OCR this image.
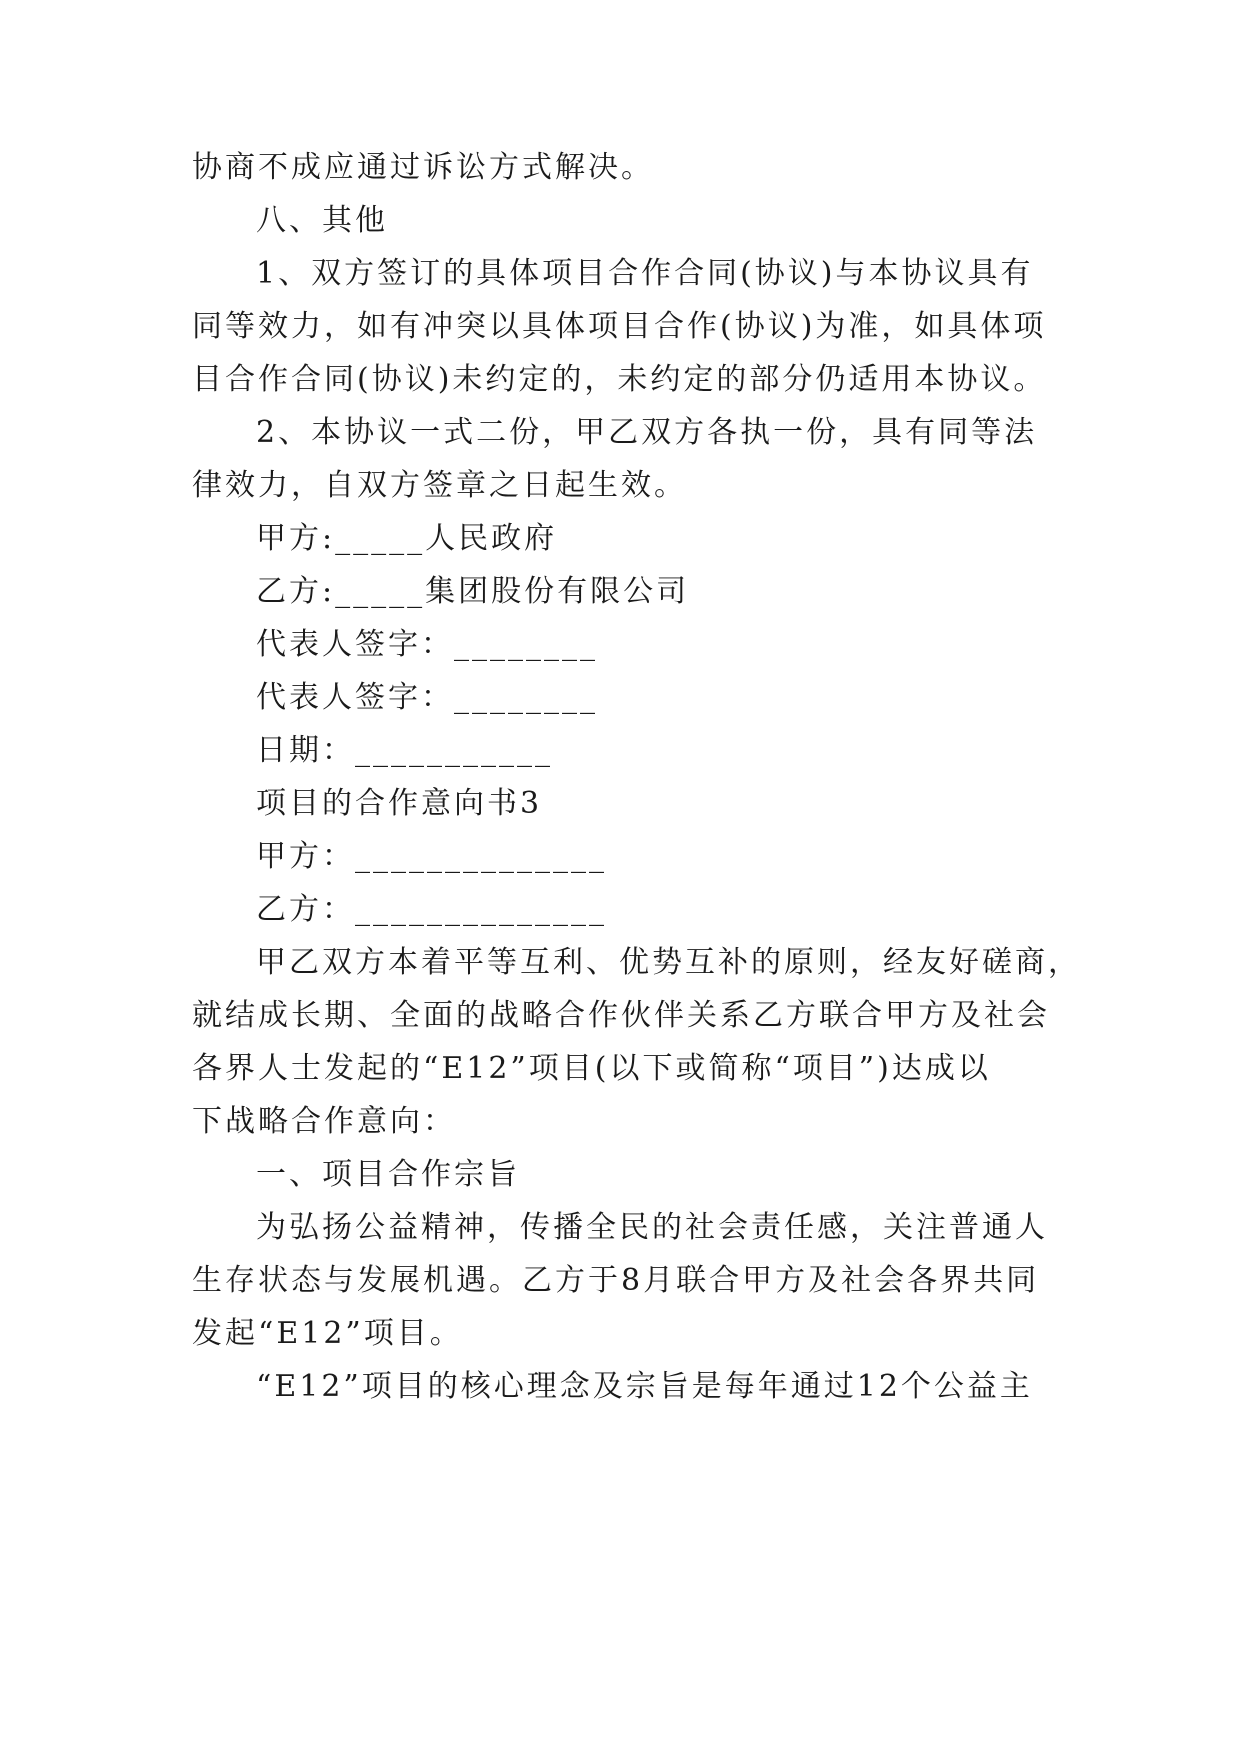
协商不成应通过诉讼方式解决。
八、其他
1、双方签订的具体项目合作合同(协议)与本协议具有
同等效力，如有冲突以具体项目合作(协议)为准，如具体项
目合作合同(协议)未约定的，未约定的部分仍适用本协议。
2、本协议一式二份，甲乙双方各执一份，具有同等法
律效力，自双方签章之日起生效。
甲方:_____人民政府
乙方:_____集团股份有限公司
代表人签字：________
代表人签字：________
日期：___________
项目的合作意向书3
甲方：______________
乙方：______________
甲乙双方本着平等互利、优势互补的原则，经友好磋商，
就结成长期、全面的战略合作伙伴关系乙方联合甲方及社会
各界人士发起的“E12”项目(以下或简称“项目”)达成以
下战略合作意向：
一、项目合作宗旨
为弘扬公益精神，传播全民的社会责任感，关注普通人
生存状态与发展机遇。乙方于8月联合甲方及社会各界共同
发起“E12”项目。
“E12”项目的核心理念及宗旨是每年通过12个公益主
